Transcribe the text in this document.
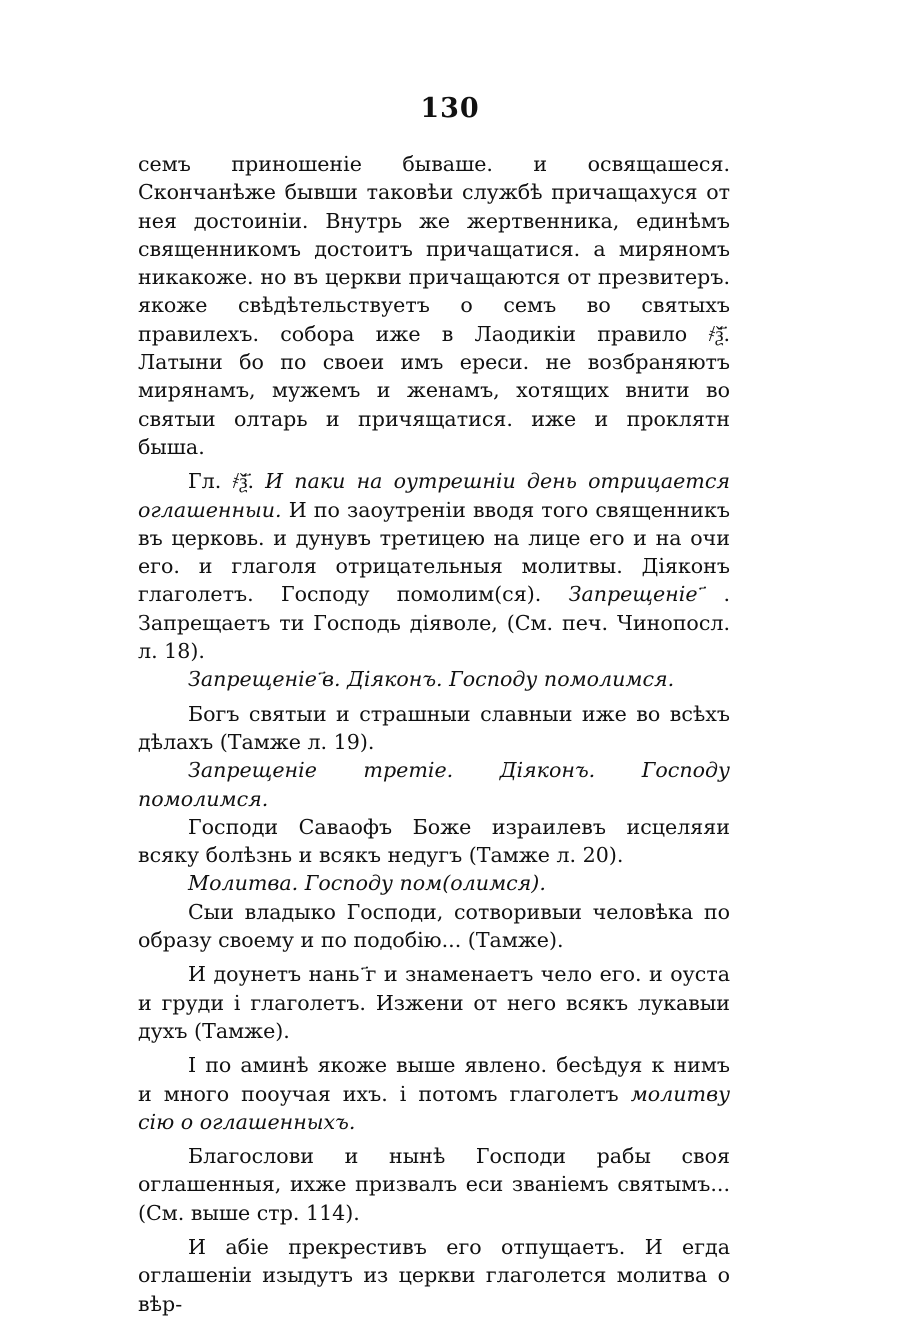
130

семъ приношеніе бываше. и освящашеся. Скончанѣже бывши таковѣи службѣ причащахуся от нея достоиніи. Внутрь же жертвенника, единѣмъ священникомъ достоитъ причащатися. а миряномъ никакоже. но въ церкви причащаются от презвитеръ. якоже свѣдѣтельствуетъ о семъ во святыхъ правилехъ. собора иже в Лаодикіи правило ҂ѯ҃. Латыни бо по своеи имъ ереси. не возбраняютъ мирянамъ, мужемъ и женамъ, хотящих внити во святыи олтарь и причящатися. иже и проклятн быша.

Гл. ҂ѯ҃. И паки на оутрешніи день отрицается оглашенныи. И по заоутреніи вводя того священникъ въ церковь. и дунувъ третицею на лице его и на очи его. и глаголя отрицательныя молитвы. Діяконъ глаголетъ. Господу помолим(ся). Запрещеніе . Запрещаетъ ти Господь діяволе, (См. печ. Чинопосл. л. 18).

Запрещеніе ҃в. Діяконъ. Господу помолимся.

Богъ святыи и страшныи славныи иже во всѣхъ дѣлахъ (Тамже л. 19).

Запрещеніе третіе. Діяконъ. Господу помолимся.

Господи Саваофъ Боже израилевъ исцеляяи всяку болѣзнь и всякъ недугъ (Тамже л. 20).

Молитва. Господу пом(олимся).

Сыи владыко Господи, сотворивыи человѣка по образу своему и по подобію... (Тамже).

И доунетъ нань ҃г и знаменаетъ чело его. и оуста и груди і глаголетъ. Изжени от него всякъ лукавыи духъ (Тамже).

І по аминѣ якоже выше явлено. бесѣдуя к нимъ и много пооучая ихъ. і потомъ глаголетъ молитву сію о оглашенныхъ.

Благослови и нынѣ Господи рабы своя оглашенныя, ихже призвалъ еси званіемъ святымъ... (См. выше стр. 114).

И абіе прекрестивъ его отпущаетъ. И егда оглашеніи изыдутъ из церкви глаголется молитва о вѣр-
